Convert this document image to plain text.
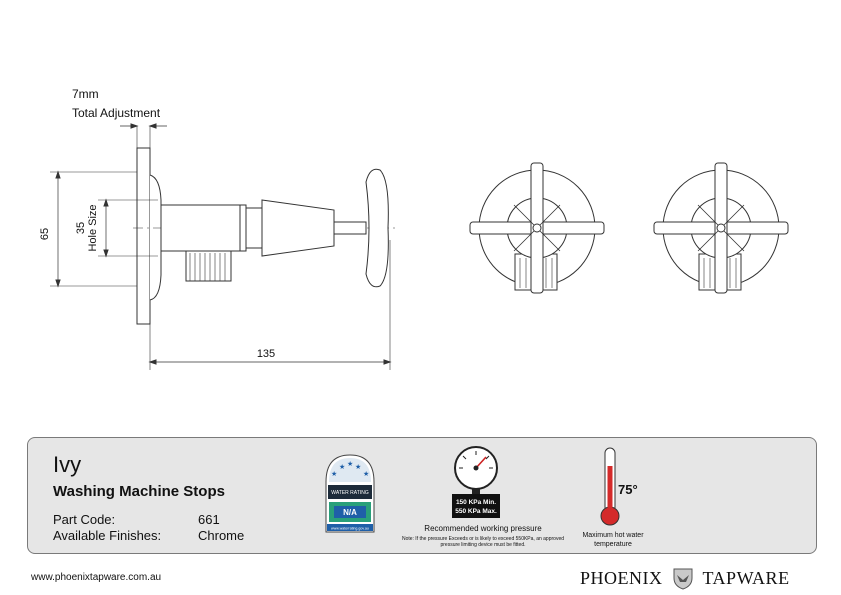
7mm
Total Adjustment
65 35 Hole Size
135
Ivy
Washing Machine Stops
Part Code:	661
Available Finishes:	Chrome
★
★ ★ ★
★
WATER RATING
N/A
www.waterrating.gov.au
150 KPa Min.
550 KPa Max.
Recommended working pressure
Note: If the pressure Exceeds or is likely to exceed 550KPa, an approved pressure limiting device must be fitted.
75°
Maximum hot water temperature
www.phoenixtapware.com.au	PHOENIX TAPWARE
